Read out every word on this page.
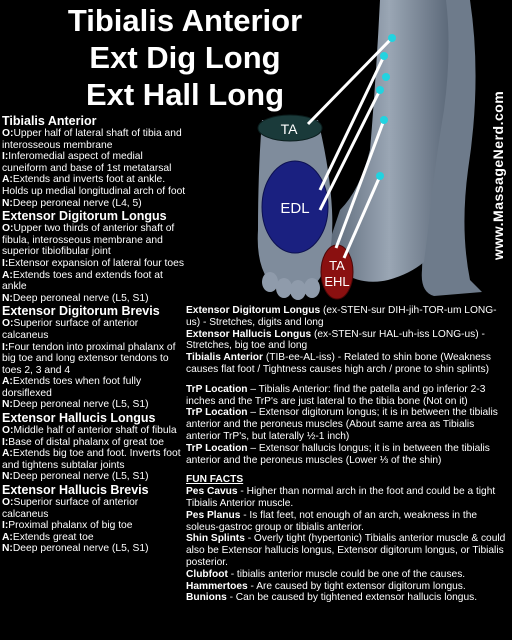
Tibialis Anterior
Ext Dig Long
Ext Hall Long	www.MassageNerd.com
TA
EDL
TA
EHL
Tibialis Anterior
O:Upper half of lateral shaft of tibia and interosseous membrane
I:Inferomedial aspect of medial cuneiform and base of 1st metatarsal
A:Extends and inverts foot at ankle. Holds up medial longitudinal arch of foot
N:Deep peroneal nerve (L4, 5)
Extensor Digitorum Longus
O:Upper two thirds of anterior shaft of fibula, interosseous membrane and superior tibiofibular joint
I:Extensor expansion of lateral four toes
A:Extends toes and extends foot at ankle
N:Deep peroneal nerve (L5, S1)
Extensor Digitorum Brevis
O:Superior surface of anterior calcaneus
I:Four tendon into proximal phalanx of big toe and long extensor tendons to toes 2, 3 and 4
A:Extends toes when foot fully dorsiflexed
N:Deep peroneal nerve (L5, S1)
Extensor Hallucis Longus
O:Middle half of anterior shaft of fibula
I:Base of distal phalanx of great toe
A:Extends big toe and foot. Inverts foot and tightens subtalar joints
N:Deep peroneal nerve (L5, S1)
Extensor Hallucis Brevis
O:Superior surface of anterior calcaneus
I:Proximal phalanx of big toe
A:Extends great toe
N:Deep peroneal nerve (L5, S1)
Extensor Digitorum Longus (ex-STEN-sur DIH-jih-TOR-um LONG-us) - Stretches, digits and long
Extensor Hallucis Longus (ex-STEN-sur HAL-uh-iss LONG-us) - Stretches, big toe and long
Tibialis Anterior (TIB-ee-AL-iss) - Related to shin bone (Weakness causes flat foot / Tightness causes high arch / prone to shin splints)
TrP Location – Tibialis Anterior: find the patella and go inferior 2-3 inches and the TrP's are just lateral to the tibia bone (Not on it)
TrP Location – Extensor digitorum longus; it is in between the tibialis anterior and the peroneus muscles (About same area as Tibialis anterior TrP's, but laterally ½-1 inch)
TrP Location – Extensor hallucis longus; it is in between the tibialis anterior and the peroneus muscles (Lower ⅓ of the shin)
FUN FACTS
Pes Cavus - Higher than normal arch in the foot and could be a tight Tibialis Anterior muscle.
Pes Planus - Is flat feet, not enough of an arch, weakness in the soleus-gastroc group or tibialis anterior.
Shin Splints - Overly tight (hypertonic) Tibialis anterior muscle & could also be Extensor hallucis longus, Extensor digitorum longus, or Tibialis posterior.
Clubfoot - tibialis anterior muscle could be one of the causes.
Hammertoes - Are caused by tight extensor digitorum longus.
Bunions - Can be caused by tightened extensor hallucis longus.
